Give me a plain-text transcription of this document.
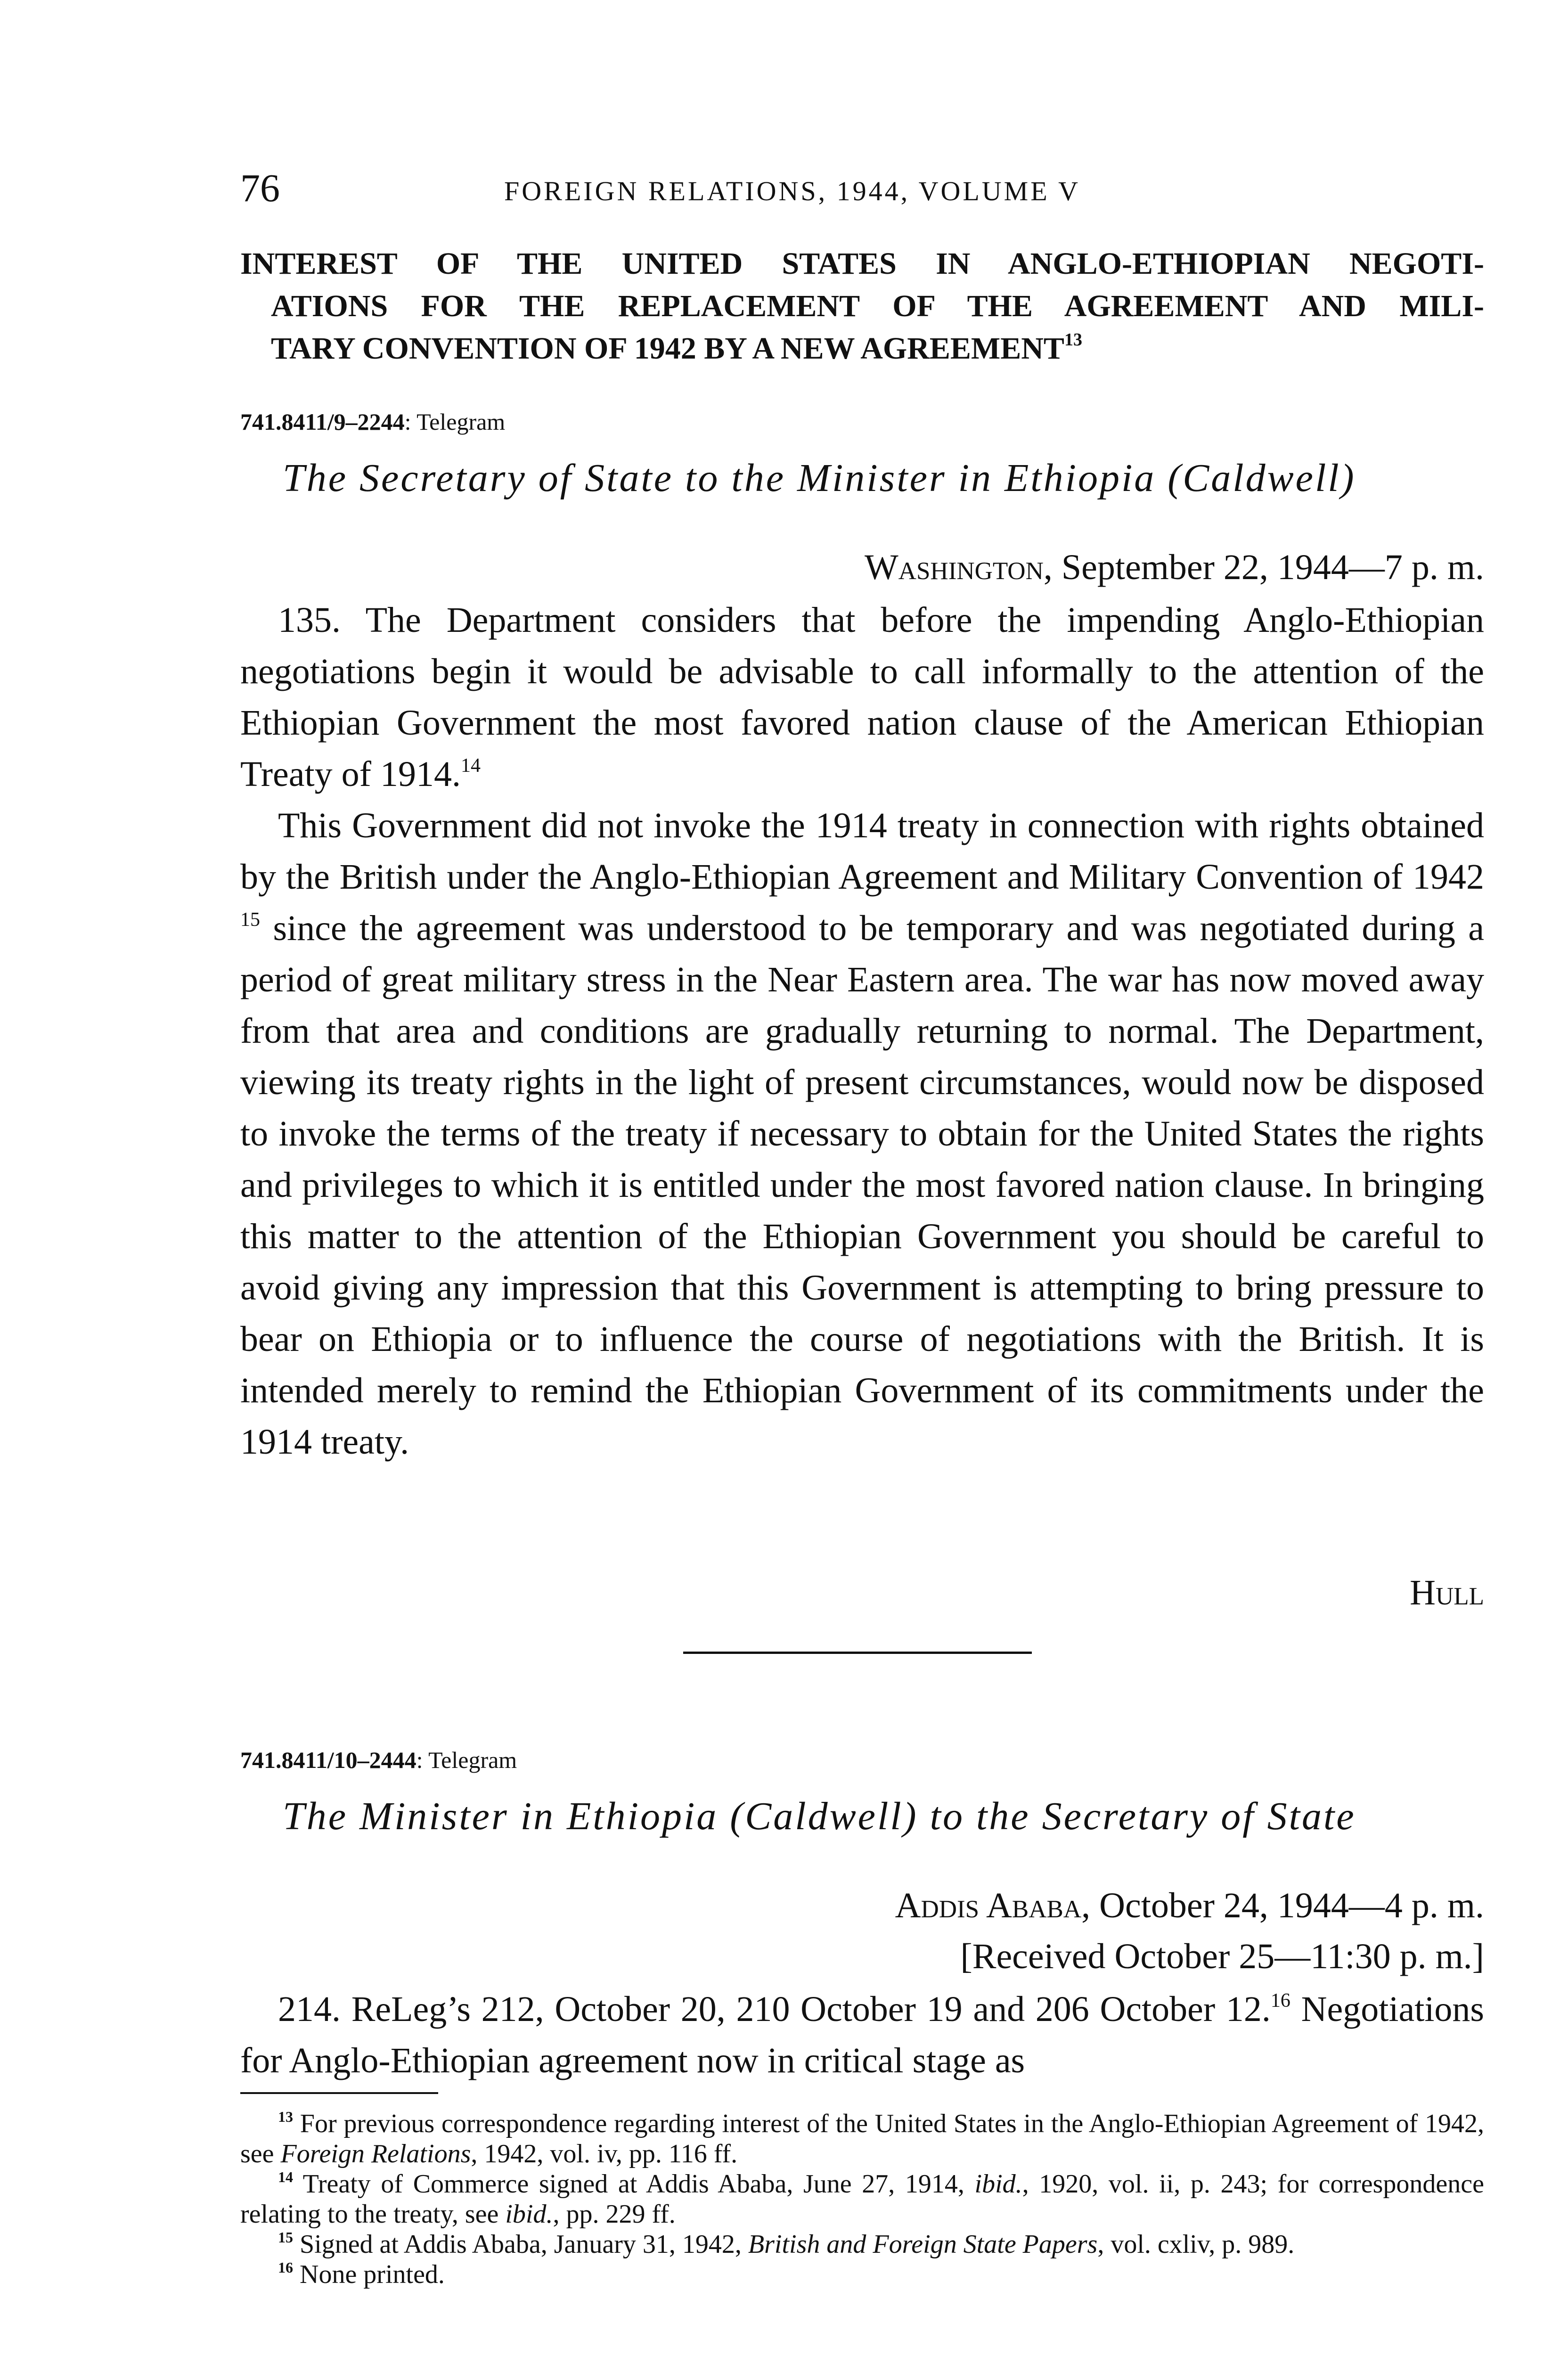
76	FOREIGN RELATIONS, 1944, VOLUME V
INTEREST OF THE UNITED STATES IN ANGLO-ETHIOPIAN NEGOTI-
ATIONS FOR THE REPLACEMENT OF THE AGREEMENT AND MILI-
TARY CONVENTION OF 1942 BY A NEW AGREEMENT$^{13}$
741.8411/9–2244: Telegram
The Secretary of State to the Minister in Ethiopia (Caldwell)
Washington, September 22, 1944—7 p. m.

135. The Department considers that before the impending Anglo-Ethiopian negotiations begin it would be advisable to call informally to the attention of the Ethiopian Government the most favored nation clause of the American Ethiopian Treaty of 1914.14

This Government did not invoke the 1914 treaty in connection with rights obtained by the British under the Anglo-Ethiopian Agreement and Military Convention of 1942 $^{15}$ since the agreement was understood to be temporary and was negotiated during a period of great military stress in the Near Eastern area. The war has now moved away from that area and conditions are gradually returning to normal. The Department, viewing its treaty rights in the light of present circumstances, would now be disposed to invoke the terms of the treaty if necessary to obtain for the United States the rights and privileges to which it is entitled under the most favored nation clause. In bringing this matter to the attention of the Ethiopian Government you should be careful to avoid giving any impression that this Government is attempting to bring pressure to bear on Ethiopia or to influence the course of negotiations with the British. It is intended merely to remind the Ethiopian Government of its commitments under the 1914 treaty.

Hull
741.8411/10–2444: Telegram
The Minister in Ethiopia (Caldwell) to the Secretary of State
Addis Ababa, October 24, 1944—4 p. m.
[Received October 25—11:30 p. m.]

214. ReLeg’s 212, October 20, 210 October 19 and 206 October 12.16 Negotiations for Anglo-Ethiopian agreement now in critical stage as

$^{13}$ For previous correspondence regarding interest of the United States in the Anglo-Ethiopian Agreement of 1942, see Foreign Relations, 1942, vol. iv, pp. 116 ff.

$^{14}$ Treaty of Commerce signed at Addis Ababa, June 27, 1914, ibid., 1920, vol. ii, p. 243; for correspondence relating to the treaty, see ibid., pp. 229 ff.

$^{15}$ Signed at Addis Ababa, January 31, 1942, British and Foreign State Papers, vol. cxliv, p. 989.

$^{16}$ None printed.
